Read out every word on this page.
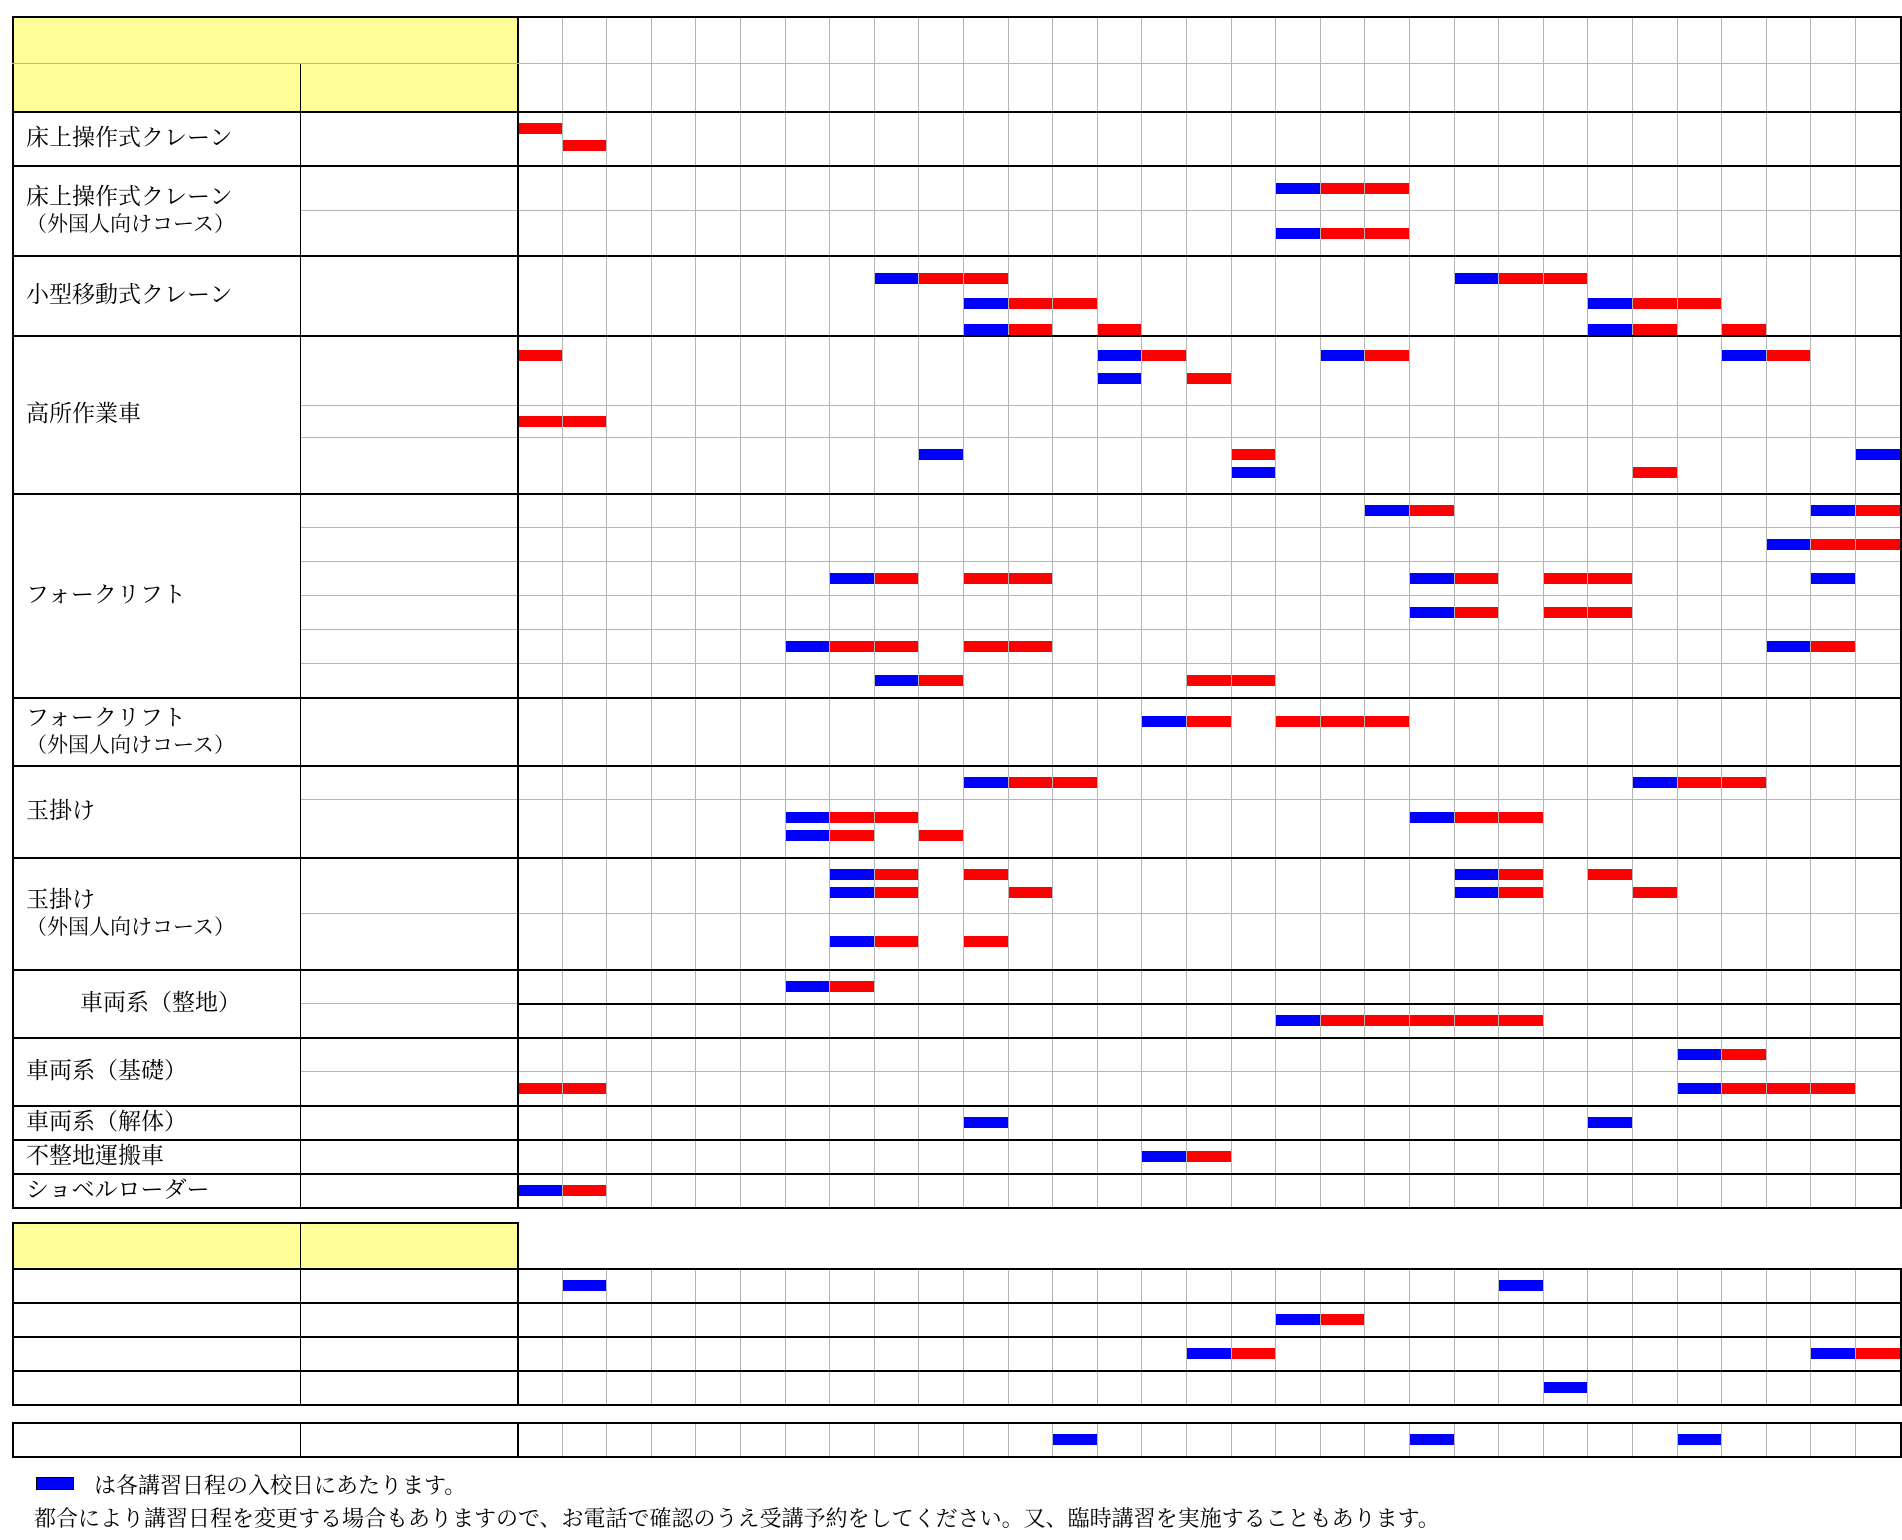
床上操作式クレーン
床上操作式クレーン
（外国人向けコース）
小型移動式クレーン
高所作業車
フォークリフト
フォークリフト
（外国人向けコース）
玉掛け
玉掛け
（外国人向けコース）
車両系（整地）
車両系（基礎）
車両系（解体）
不整地運搬車
ショベルローダー
は各講習日程の入校日にあたります。
都合により講習日程を変更する場合もありますので、お電話で確認のうえ受講予約をしてください。又、臨時講習を実施することもあります。
